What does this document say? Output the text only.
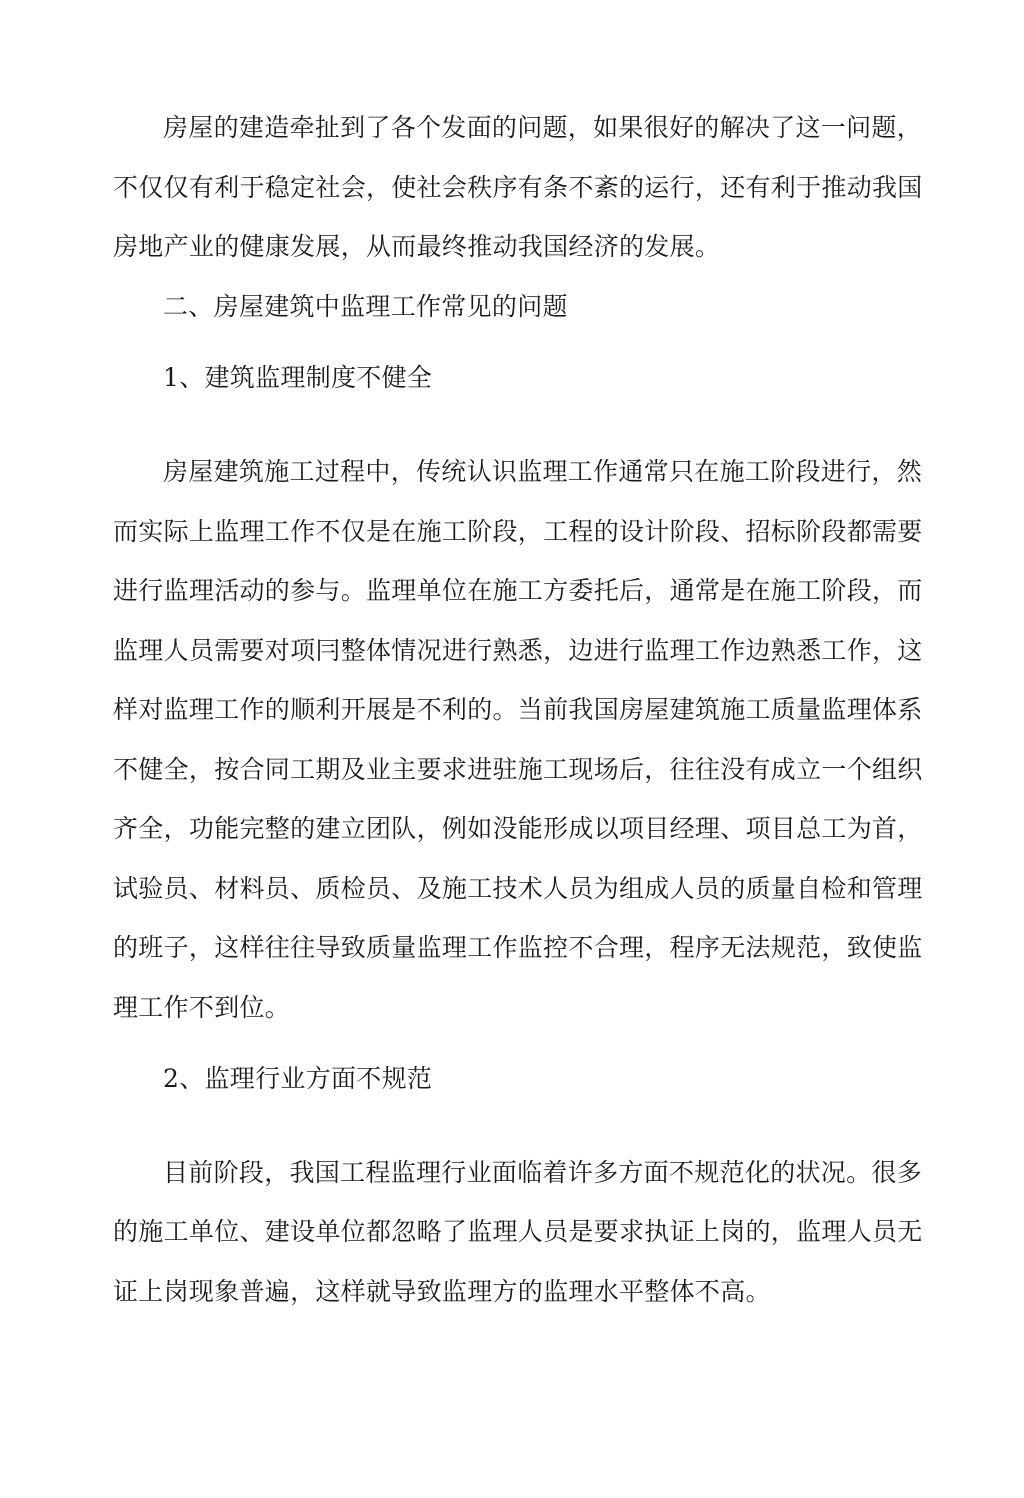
房屋的建造牵扯到了各个发面的问题，如果很好的解决了这一问题，
不仅仅有利于稳定社会，使社会秩序有条不紊的运行，还有利于推动我国
房地产业的健康发展，从而最终推动我国经济的发展。
二、房屋建筑中监理工作常见的问题
1、建筑监理制度不健全
房屋建筑施工过程中，传统认识监理工作通常只在施工阶段进行，然
而实际上监理工作不仅是在施工阶段，工程的设计阶段、招标阶段都需要
进行监理活动的参与。监理单位在施工方委托后，通常是在施工阶段，而
监理人员需要对项冃整体情况进行熟悉，边进行监理工作边熟悉工作，这
样对监理工作的顺利开展是不利的。当前我国房屋建筑施工质量监理体系
不健全，按合同工期及业主要求进驻施工现场后，往往没有成立一个组织
齐全，功能完整的建立团队，例如没能形成以项目经理、项目总工为首，
试验员、材料员、质检员、及施工技术人员为组成人员的质量自检和管理
的班子，这样往往导致质量监理工作监控不合理，程序无法规范，致使监
理工作不到位。
2、监理行业方面不规范
目前阶段，我国工程监理行业面临着许多方面不规范化的状况。很多
的施工单位、建设单位都忽略了监理人员是要求执证上岗的，监理人员无
证上岗现象普遍，这样就导致监理方的监理水平整体不高。
